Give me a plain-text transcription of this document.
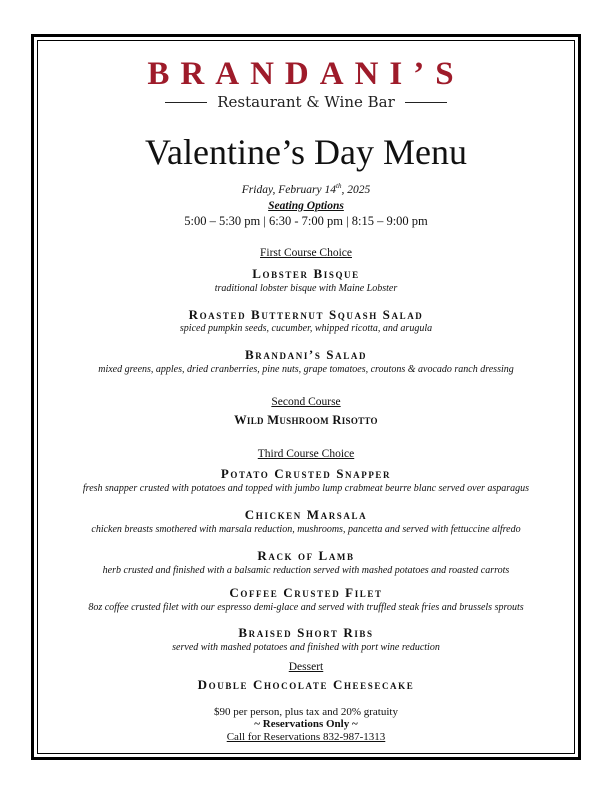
BRANDANI’S
Restaurant & Wine Bar
Valentine’s Day Menu
Friday, February 14th, 2025
Seating Options
5:00 – 5:30 pm | 6:30 - 7:00 pm | 8:15 – 9:00 pm
First Course Choice
Lobster Bisque
traditional lobster bisque with Maine Lobster
Roasted Butternut Squash Salad
spiced pumpkin seeds, cucumber, whipped ricotta, and arugula
Brandani’s Salad
mixed greens, apples, dried cranberries, pine nuts, grape tomatoes, croutons & avocado ranch dressing
Second Course
Wild Mushroom Risotto
Third Course Choice
Potato Crusted Snapper
fresh snapper crusted with potatoes and topped with jumbo lump crabmeat beurre blanc served over asparagus
Chicken Marsala
chicken breasts smothered with marsala reduction, mushrooms, pancetta and served with fettuccine alfredo
Rack of Lamb
herb crusted and finished with a balsamic reduction served with mashed potatoes and roasted carrots
Coffee Crusted Filet
8oz coffee crusted filet with our espresso demi-glace and served with truffled steak fries and brussels sprouts
Braised Short Ribs
served with mashed potatoes and finished with port wine reduction
Dessert
Double Chocolate Cheesecake
$90 per person, plus tax and 20% gratuity
~ Reservations Only ~
Call for Reservations 832-987-1313
